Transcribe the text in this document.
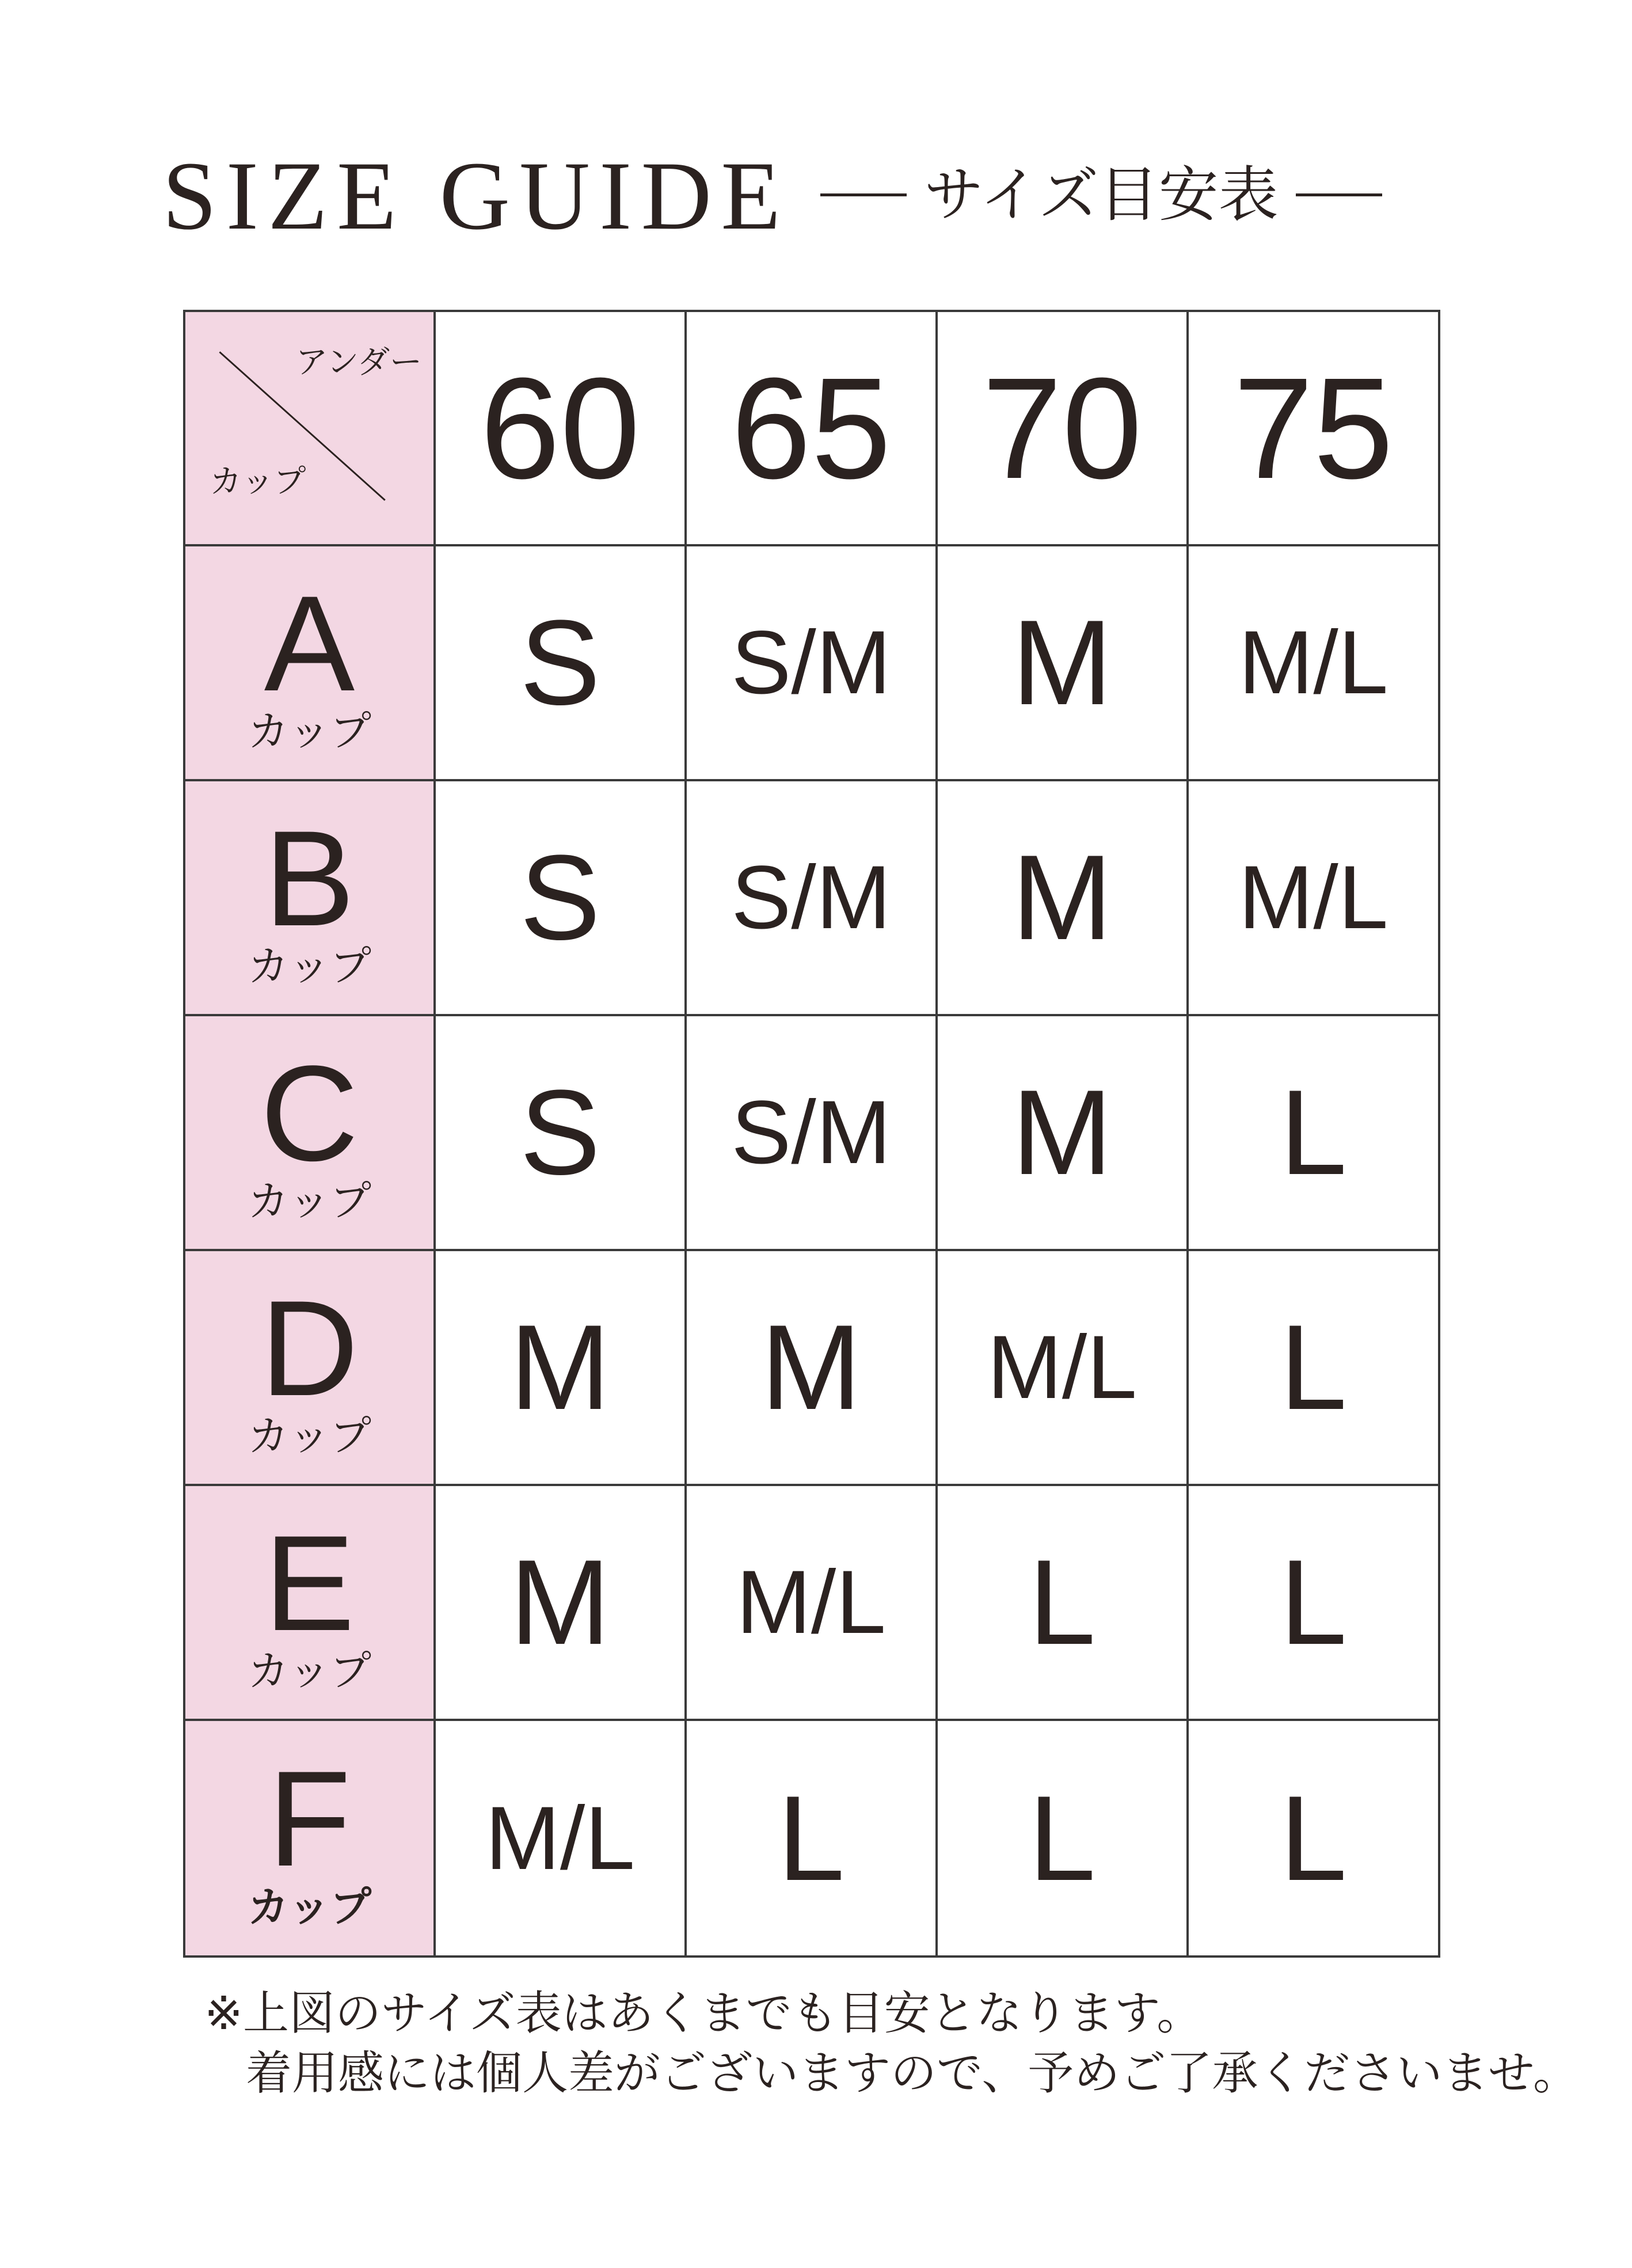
SIZE GUIDE サイズ目安表
アンダー
カップ	60	65	70	75

A
カップ	S	S/M	M	M/L

B
カップ	S	S/M	M	M/L

C
カップ	S	S/M	M	L

D
カップ	M	M	M/L	L

E
カップ	M	M/L	L	L

F
カップ	M/L	L	L	L
※上図のサイズ表はあくまでも目安となります。
着用感には個人差がございますので、予めご了承くださいませ。
